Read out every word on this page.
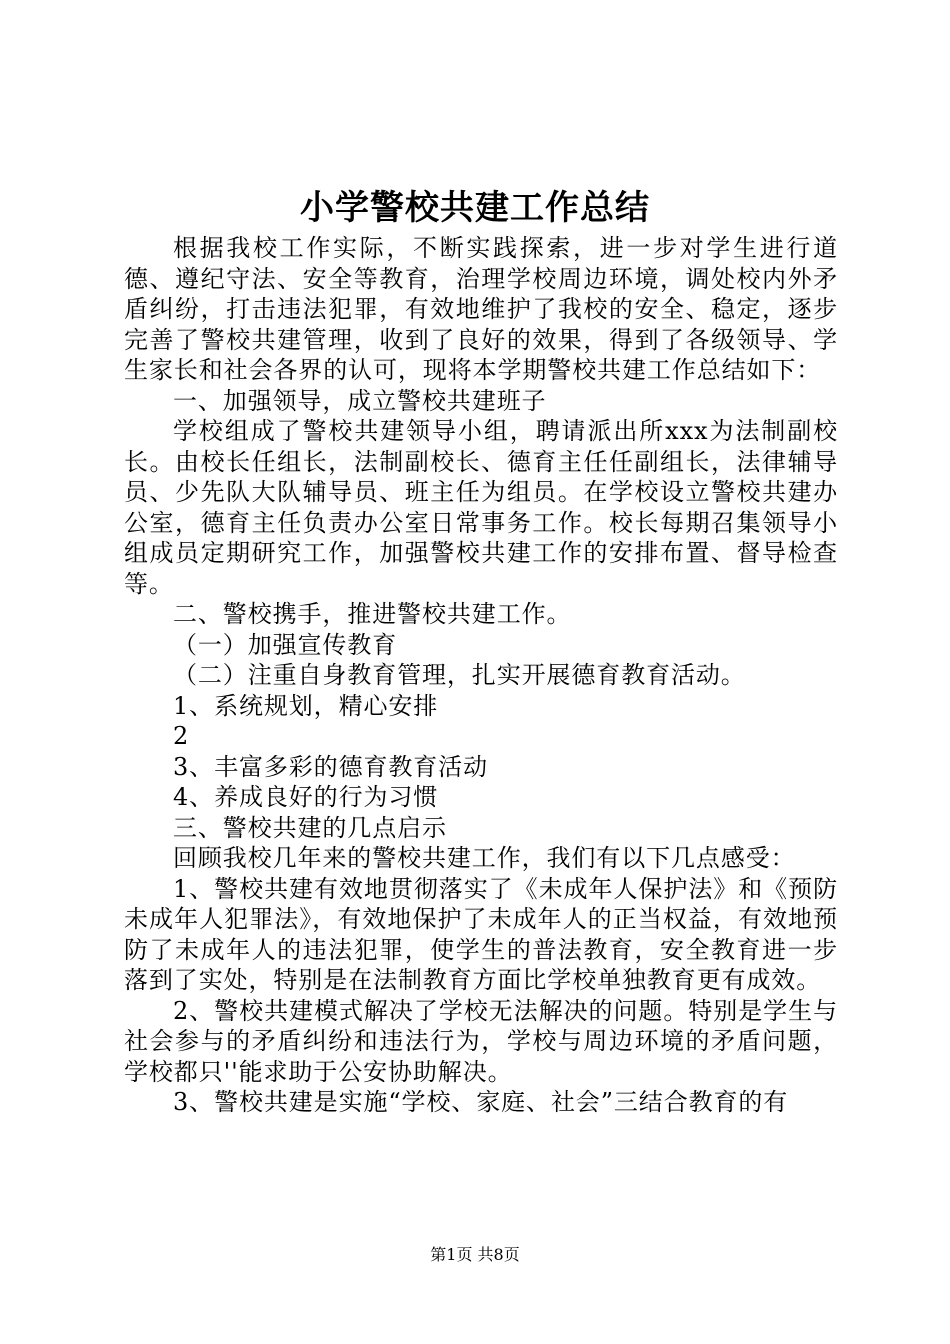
小学警校共建工作总结

根据我校工作实际，不断实践探索，进一步对学生进行道德、遵纪守法、安全等教育，治理学校周边环境，调处校内外矛盾纠纷，打击违法犯罪，有效地维护了我校的安全、稳定，逐步完善了警校共建管理，收到了良好的效果，得到了各级领导、学生家长和社会各界的认可，现将本学期警校共建工作总结如下：

一、加强领导，成立警校共建班子

学校组成了警校共建领导小组，聘请派出所xxx为法制副校长。由校长任组长，法制副校长、德育主任任副组长，法律辅导员、少先队大队辅导员、班主任为组员。在学校设立警校共建办公室，德育主任负责办公室日常事务工作。校长每期召集领导小组成员定期研究工作，加强警校共建工作的安排布置、督导检查等。

二、警校携手，推进警校共建工作。

（一）加强宣传教育

（二）注重自身教育管理，扎实开展德育教育活动。

1、系统规划，精心安排

2

3、丰富多彩的德育教育活动

4、养成良好的行为习惯

三、警校共建的几点启示

回顾我校几年来的警校共建工作，我们有以下几点感受：

1、警校共建有效地贯彻落实了《未成年人保护法》和《预防未成年人犯罪法》，有效地保护了未成年人的正当权益，有效地预防了未成年人的违法犯罪，使学生的普法教育，安全教育进一步落到了实处，特别是在法制教育方面比学校单独教育更有成效。

2、警校共建模式解决了学校无法解决的问题。特别是学生与社会参与的矛盾纠纷和违法行为，学校与周边环境的矛盾问题，学校都只''能求助于公安协助解决。

3、警校共建是实施“学校、家庭、社会”三结合教育的有

第1页 共8页
